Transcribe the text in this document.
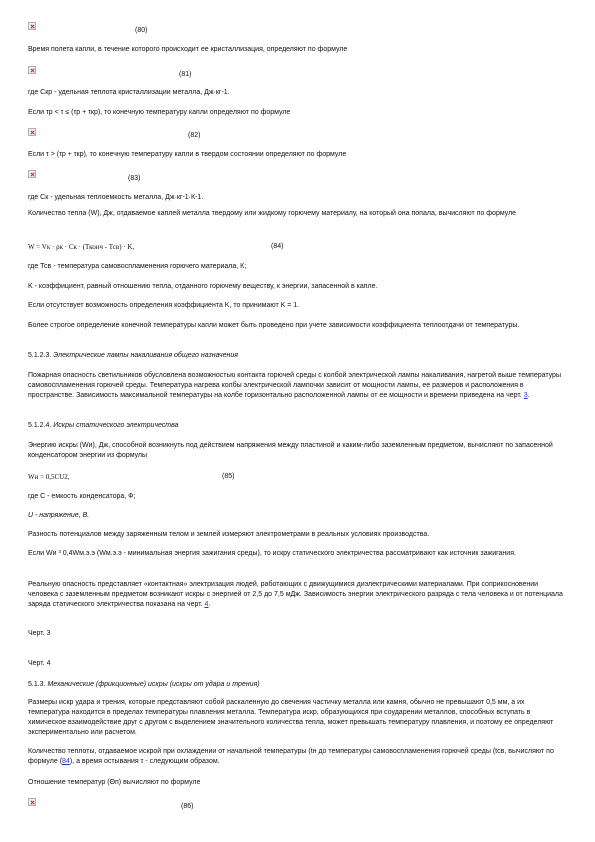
(80)

Время полета капли, в течение которого происходит ее кристаллизация, определяют по формуле

(81)

где Скр - удельная теплота кристаллизации металла, Дж·кг-1.

Если τр < τ ≤ (τр + τкр), то конечную температуру капли определяют по формуле

(82)

Если τ > (τр + τкр), то конечную температуру капли в твердом состоянии определяют по формуле

(83)

где Ск - удельная теплоемкость металла, Дж·кг-1·К-1.

Количество тепла (W), Дж, отдаваемое каплей металла твердому или жидкому горючему материалу, на который она попала, вычисляют по формуле

W = Vк · ρк · Ск · (Тконч - Тсв) · K,	(84)

где Тсв - температура самовоспламенения горючего материала, К;

K - коэффициент, равный отношению тепла, отданного горючему веществу, к энергии, запасенной в капле.

Если отсутствует возможность определения коэффициента K, то принимают K = 1.

Более строгое определение конечной температуры капли может быть проведено при учете зависимости коэффициента теплоотдачи от температуры.

5.1.2.3. Электрические лампы накаливания общего назначения

Пожарная опасность светильников обусловлена возможностью контакта горючей среды с колбой электрической лампы накаливания, нагретой выше температуры самовоспламенения горючей среды. Температура нагрева колбы электрической лампочки зависит от мощности лампы, ее размеров и расположения в пространстве. Зависимость максимальной температуры на колбе горизонтально расположенной лампы от ее мощности и времени приведена на черт. 3.

5.1.2.4. Искры статического электричества

Энергию искры (Wи), Дж, способной возникнуть под действием напряжения между пластиной и каким-либо заземленным предметом, вычисляют по запасенной конденсатором энергии из формулы

Wи = 0,5CU2,	(85)

где С - емкость конденсатора, Ф;

U - напряжение, В.

Разность потенциалов между заряженным телом и землей измеряют электрометрами в реальных условиях производства.

Если Wи ³ 0,4Wм.э.э (Wм.э.э - минимальная энергия зажигания среды), то искру статического электричества рассматривают как источник зажигания.

Реальную опасность представляет «контактная» электризация людей, работающих с движущимися диэлектрическими материалами. При соприкосновении человека с заземленным предметом возникают искры с энергией от 2,5 до 7,5 мДж. Зависимость энергии электрического разряда с тела человека и от потенциала заряда статического электричества показана на черт. 4.

Черт. 3

Черт. 4

5.1.3. Механические (фрикционные) искры (искры от удара и трения)

Размеры искр удара и трения, которые представляют собой раскаленную до свечения частичку металла или камня, обычно не превышают 0,5 мм, а их температура находится в пределах температуры плавления металла. Температура искр, образующихся при соударении металлов, способных вступать в химическое взаимодействие друг с другом с выделением значительного количества тепла, может превышать температуру плавления, и поэтому ее определяют экспериментально или расчетом.

Количество теплоты, отдаваемое искрой при охлаждении от начальной температуры (tн до температуры самовоспламенения горючей среды (tсв, вычисляют по формуле (84), а время остывания τ - следующим образом.

Отношение температур (Θп) вычисляют по формуле

(86)
